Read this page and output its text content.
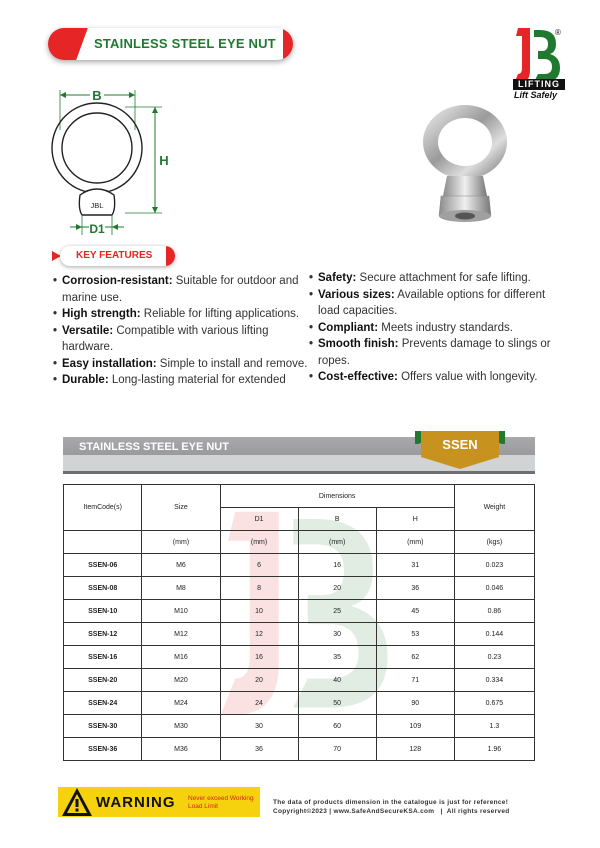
STAINLESS STEEL EYE NUT
®
LIFTING
Lift Safely
B
H
JBL
D1
KEY FEATURES
• Corrosion-resistant: Suitable for outdoor and marine use.
• High strength: Reliable for lifting applications.
• Versatile: Compatible with various lifting hardware.
• Easy installation: Simple to install and remove.
• Durable: Long-lasting material for extended
• Safety: Secure attachment for safe lifting.
• Various sizes: Available options for different load capacities.
• Compliant: Meets industry standards.
• Smooth finish: Prevents damage to slings or ropes.
• Cost-effective: Offers value with longevity.
STAINLESS STEEL EYE NUT	SSEN
ItemCode(s)	Size	Dimensions			Weight
		D1	B	H	
	(mm)	(mm)	(mm)	(mm)	(kgs)
SSEN-06	M6	6	16	31	0.023
SSEN-08	M8	8	20	36	0.046
SSEN-10	M10	10	25	45	0.86
SSEN-12	M12	12	30	53	0.144
SSEN-16	M16	16	35	62	0.23
SSEN-20	M20	20	40	71	0.334
SSEN-24	M24	24	50	90	0.675
SSEN-30	M30	30	60	109	1.3
SSEN-36	M36	36	70	128	1.96
WARNING Never exceed Working Load Limit
The data of products dimension in the catalogue is just for reference!
Copyright©2023 | www.SafeAndSecureKSA.com   |  All rights reserved
